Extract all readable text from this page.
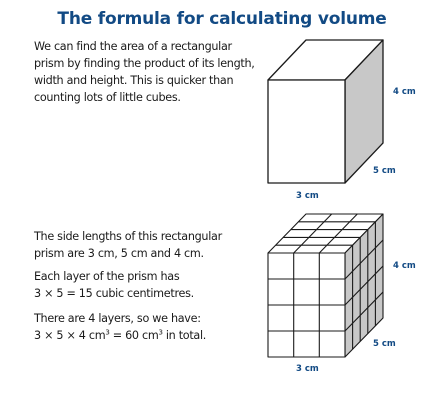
The formula for calculating volume
We can find the area of a rectangular
prism by finding the product of its length,
width and height. This is quicker than
counting lots of little cubes.
The side lengths of this rectangular
prism are 3 cm, 5 cm and 4 cm.
Each layer of the prism has
3 × 5 = 15 cubic centimetres.
There are 4 layers, so we have:
3 × 5 × 4 $cm^3 = 60$ $cm^3$ in total.
4 cm
5 cm
3 cm
4 cm
5 cm
3 cm
